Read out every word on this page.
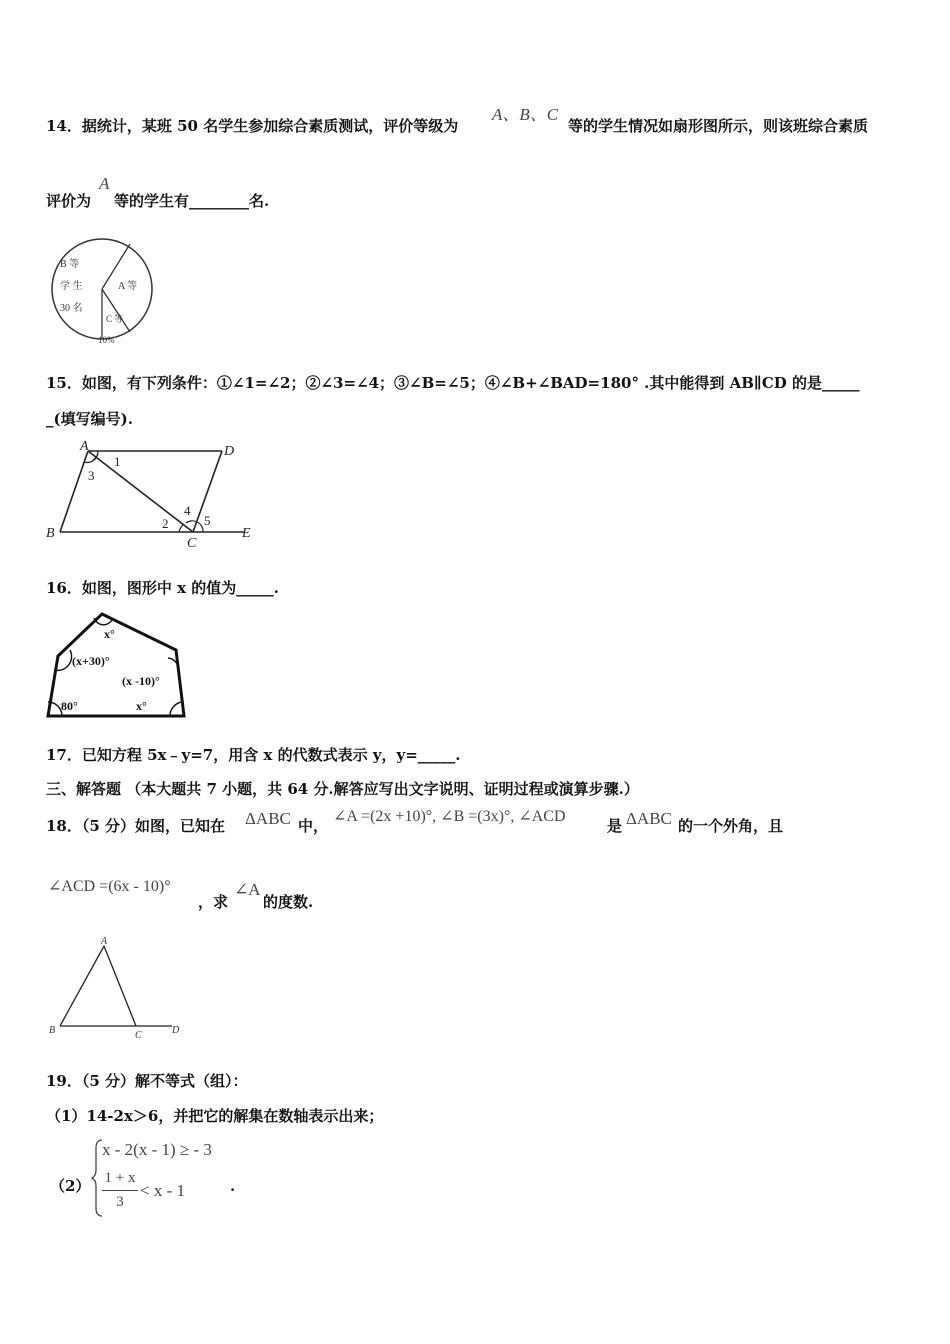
14．据统计，某班 50 名学生参加综合素质测试，评价等级为
A、B、C
等的学生情况如扇形图所示，则该班综合素质
评价为
A
等的学生有________名.
B 等
学 生
30 名
A 等
C 等
10%
15．如图，有下列条件：①∠1=∠2；②∠3=∠4；③∠B=∠5；④∠B+∠BAD=180° .其中能得到 AB∥CD 的是_____
_(填写编号).
A	D
B
C
E
1
3
2
4
5
16．如图，图形中 x 的值为_____.
x°
(x+30)°
(x -10)°
80°	x°
17．已知方程 5x﹣y=7，用含 x 的代数式表示 y，y=_____.
三、解答题 （本大题共 7 小题，共 64 分.解答应写出文字说明、证明过程或演算步骤.）
18．（5 分）如图，已知在 ΔABC 中，
∠A =(2x +10)°, ∠B =(3x)°, ∠ACD
是 ΔABC 的一个外角，且
∠ACD =(6x - 10)°
，求
∠A
的度数.
A
B	C	D
19．（5 分）解不等式（组）：
（1）14-2x＞6，并把它的解集在数轴表示出来；
（2）
x - 2(x - 1) ≥ - 3
1 + x
3
< x - 1	.
